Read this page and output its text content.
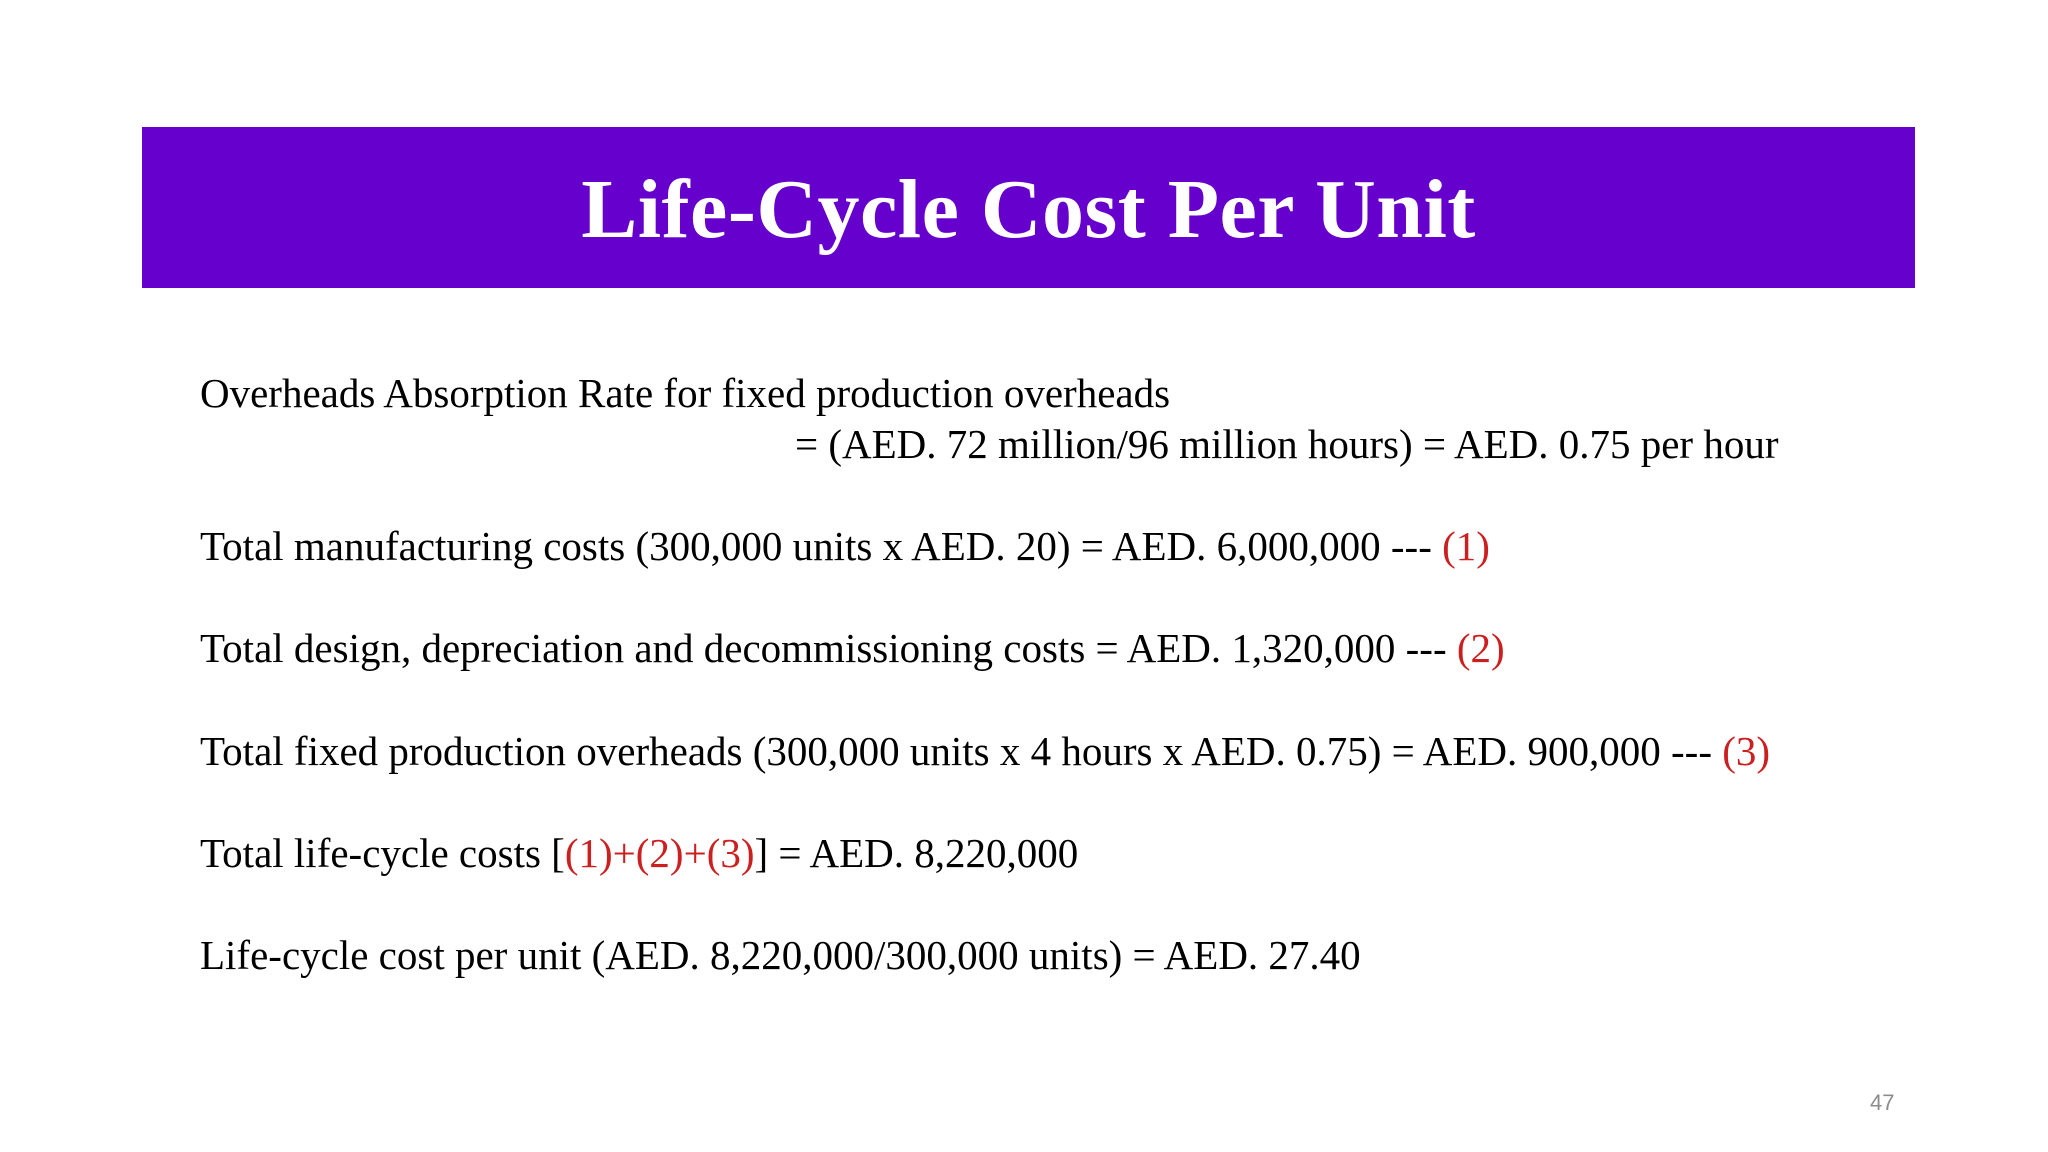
Life-Cycle Cost Per Unit
Overheads Absorption Rate for fixed production overheads
= (AED. 72 million/96 million hours) = AED. 0.75 per hour
Total manufacturing costs (300,000 units x AED. 20) = AED. 6,000,000 --- (1)
Total design, depreciation and decommissioning costs = AED. 1,320,000 --- (2)
Total fixed production overheads (300,000 units x 4 hours x AED. 0.75) = AED. 900,000 --- (3)
Total life-cycle costs [(1)+(2)+(3)] = AED. 8,220,000
Life-cycle cost per unit (AED. 8,220,000/300,000 units) = AED. 27.40
47
